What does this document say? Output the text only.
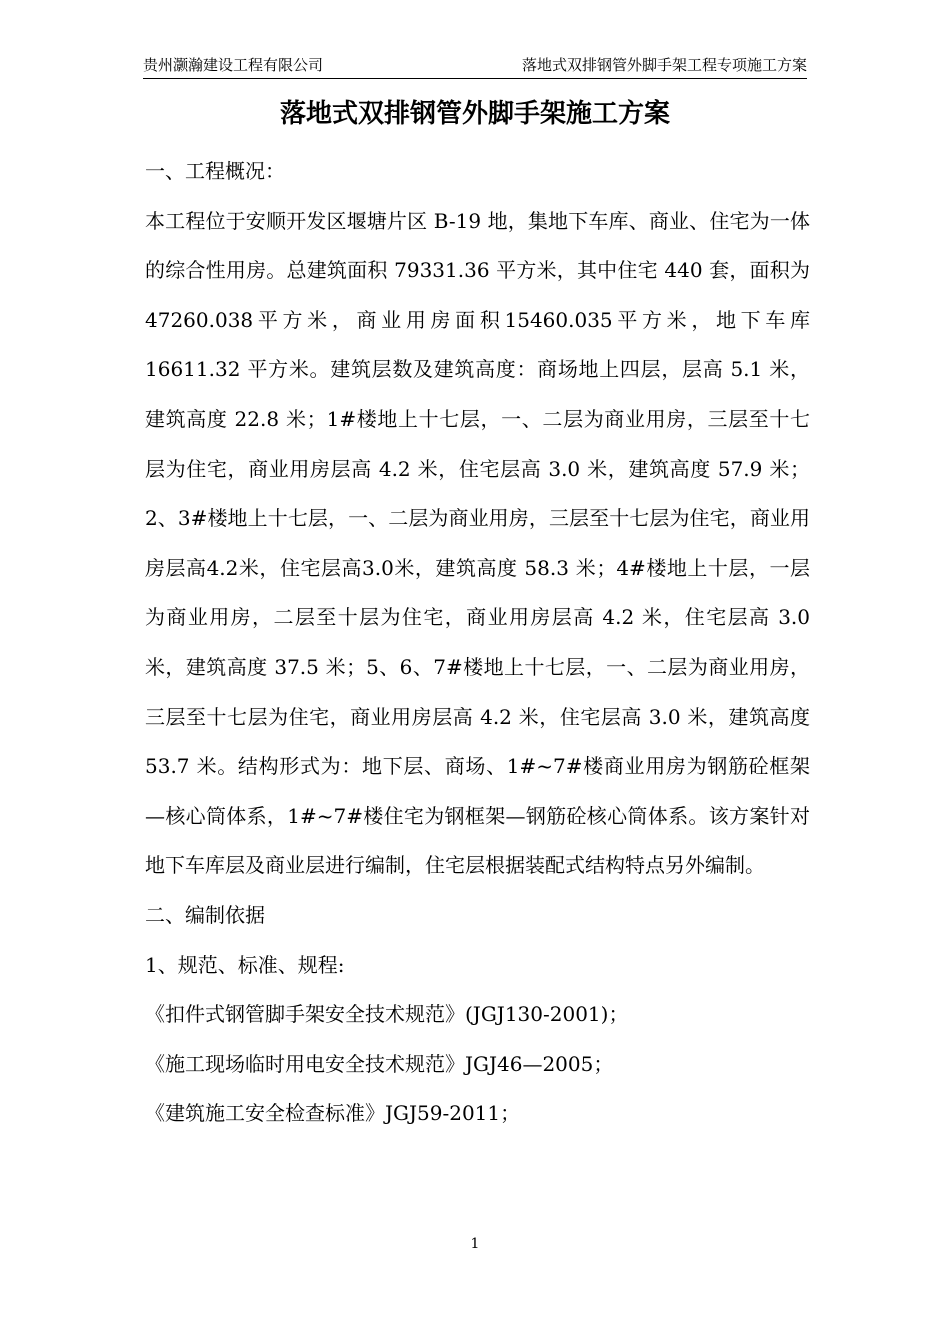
贵州灏瀚建设工程有限公司	落地式双排钢管外脚手架工程专项施工方案
落地式双排钢管外脚手架施工方案

一、工程概况：

本工程位于安顺开发区堰塘片区 B-19 地，集地下车库、商业、住宅为一体的综合性用房。总建筑面积 79331.36 平方米，其中住宅 440 套，面积为47260.038平方米，商业用房面积15460.035平方米，地下车库 16611.32 平方米。建筑层数及建筑高度：商场地上四层，层高 5.1 米，建筑高度 22.8 米；1#楼地上十七层，一、二层为商业用房，三层至十七层为住宅，商业用房层高 4.2 米，住宅层高 3.0 米，建筑高度 57.9 米；2、3#楼地上十七层，一、二层为商业用房，三层至十七层为住宅，商业用房层高4.2米，住宅层高3.0米，建筑高度 58.3 米；4#楼地上十层，一层为商业用房，二层至十层为住宅，商业用房层高 4.2 米，住宅层高 3.0 米，建筑高度 37.5 米；5、6、7#楼地上十七层，一、二层为商业用房，三层至十七层为住宅，商业用房层高 4.2 米，住宅层高 3.0 米，建筑高度 53.7 米。结构形式为：地下层、商场、1#~7#楼商业用房为钢筋砼框架—核心筒体系，1#~7#楼住宅为钢框架—钢筋砼核心筒体系。该方案针对地下车库层及商业层进行编制，住宅层根据装配式结构特点另外编制。

二、编制依据

1、规范、标准、规程:

《扣件式钢管脚手架安全技术规范》(JGJ130-2001)；

《施工现场临时用电安全技术规范》JGJ46—2005；

《建筑施工安全检查标准》JGJ59-2011；

1
